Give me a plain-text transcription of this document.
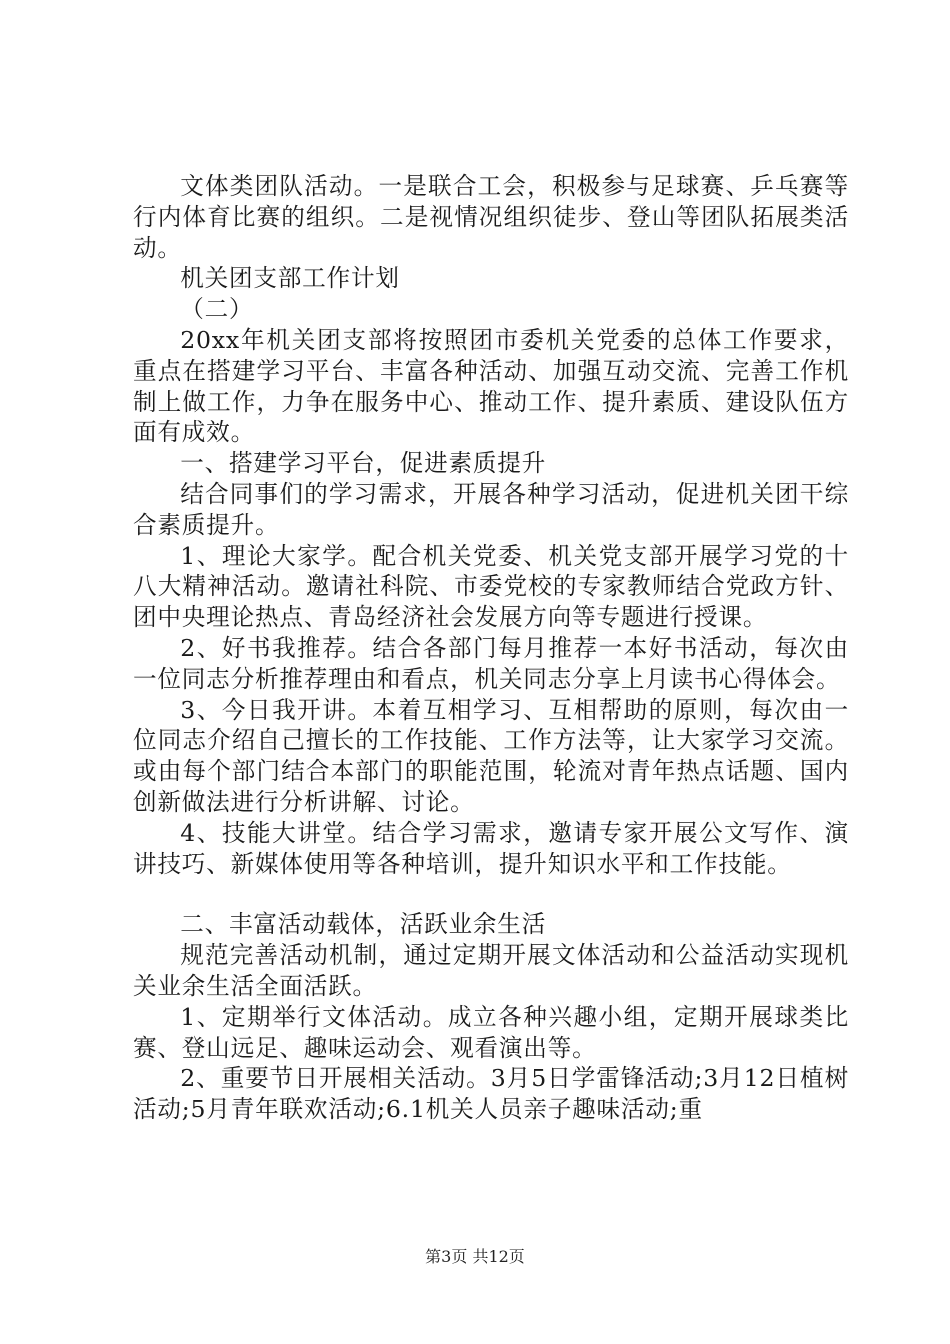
文体类团队活动。一是联合工会，积极参与足球赛、乒乓赛等行内体育比赛的组织。二是视情况组织徒步、登山等团队拓展类活动。

机关团支部工作计划

（二）

20xx年机关团支部将按照团市委机关党委的总体工作要求，重点在搭建学习平台、丰富各种活动、加强互动交流、完善工作机制上做工作，力争在服务中心、推动工作、提升素质、建设队伍方面有成效。

一、搭建学习平台，促进素质提升

结合同事们的学习需求，开展各种学习活动，促进机关团干综合素质提升。

1、理论大家学。配合机关党委、机关党支部开展学习党的十八大精神活动。邀请社科院、市委党校的专家教师结合党政方针、团中央理论热点、青岛经济社会发展方向等专题进行授课。

2、好书我推荐。结合各部门每月推荐一本好书活动，每次由一位同志分析推荐理由和看点，机关同志分享上月读书心得体会。

3、今日我开讲。本着互相学习、互相帮助的原则，每次由一位同志介绍自己擅长的工作技能、工作方法等，让大家学习交流。或由每个部门结合本部门的职能范围，轮流对青年热点话题、国内创新做法进行分析讲解、讨论。

4、技能大讲堂。结合学习需求，邀请专家开展公文写作、演讲技巧、新媒体使用等各种培训，提升知识水平和工作技能。

二、丰富活动载体，活跃业余生活

规范完善活动机制，通过定期开展文体活动和公益活动实现机关业余生活全面活跃。

1、定期举行文体活动。成立各种兴趣小组，定期开展球类比赛、登山远足、趣味运动会、观看演出等。

2、重要节日开展相关活动。3月5日学雷锋活动;3月12日植树活动;5月青年联欢活动;6.1机关人员亲子趣味活动;重

第3页 共12页
